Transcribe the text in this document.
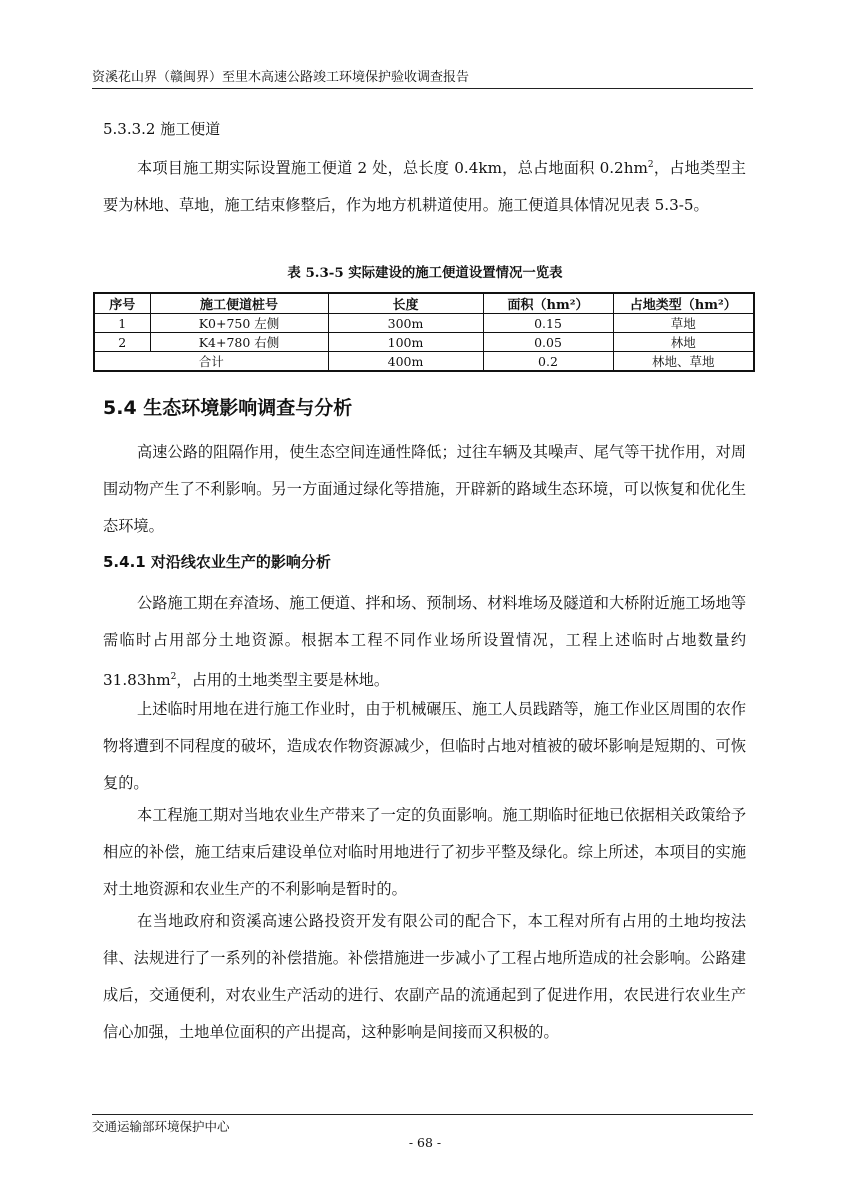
资溪花山界（赣闽界）至里木高速公路竣工环境保护验收调查报告
5.3.3.2 施工便道
本项目施工期实际设置施工便道 2 处，总长度 0.4km，总占地面积 $0.2hm^2$，占地类型主要为林地、草地，施工结束修整后，作为地方机耕道使用。施工便道具体情况见表 5.3-5。
表 5.3-5 实际建设的施工便道设置情况一览表
序号	施工便道桩号	长度	面积（hm²）	占地类型（hm²）
1	K0+750 左侧	300m	0.15	草地
2	K4+780 右侧	100m	0.05	林地
合计		400m	0.2	林地、草地
5.4 生态环境影响调查与分析
高速公路的阻隔作用，使生态空间连通性降低；过往车辆及其噪声、尾气等干扰作用，对周围动物产生了不利影响。另一方面通过绿化等措施，开辟新的路域生态环境，可以恢复和优化生态环境。
5.4.1 对沿线农业生产的影响分析
公路施工期在弃渣场、施工便道、拌和场、预制场、材料堆场及隧道和大桥附近施工场地等需临时占用部分土地资源。根据本工程不同作业场所设置情况，工程上述临时占地数量约 $31.83hm^2$，占用的土地类型主要是林地。
上述临时用地在进行施工作业时，由于机械碾压、施工人员践踏等，施工作业区周围的农作物将遭到不同程度的破坏，造成农作物资源减少，但临时占地对植被的破坏影响是短期的、可恢复的。
本工程施工期对当地农业生产带来了一定的负面影响。施工期临时征地已依据相关政策给予相应的补偿，施工结束后建设单位对临时用地进行了初步平整及绿化。综上所述，本项目的实施对土地资源和农业生产的不利影响是暂时的。
在当地政府和资溪高速公路投资开发有限公司的配合下，本工程对所有占用的土地均按法律、法规进行了一系列的补偿措施。补偿措施进一步减小了工程占地所造成的社会影响。公路建成后，交通便利，对农业生产活动的进行、农副产品的流通起到了促进作用，农民进行农业生产信心加强，土地单位面积的产出提高，这种影响是间接而又积极的。
交通运输部环境保护中心
- 68 -
